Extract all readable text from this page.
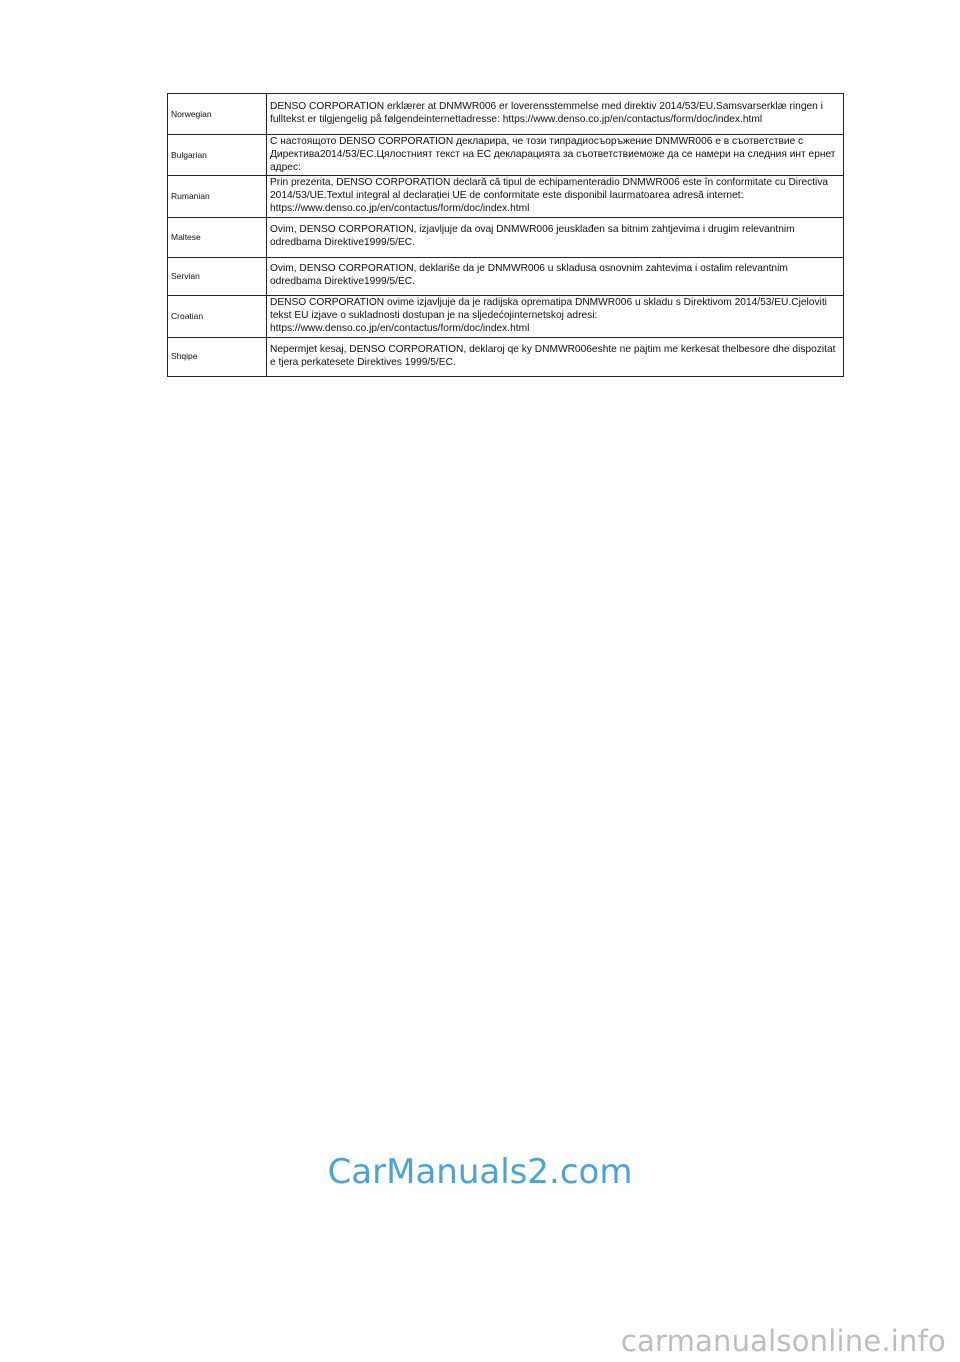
Norwegian	DENSO CORPORATION erklærer at DNMWR006 er loverensstemmelse med direktiv 2014/53/EU.Samsvarserklæ ringen i fulltekst er tilgjengelig på følgendeinternettadresse: https://www.denso.co.jp/en/contactus/form/doc/index.html
Bulgarian	С настоящото DENSO CORPORATION декларира, че този типрадиосъоръжение DNMWR006 е в съответствие с Директива2014/53/ЕС.Цялостният текст на ЕС декларацията за съответствиеможе да се намери на следния инт ернет адрес:
Rumanian	Prin prezenta, DENSO CORPORATION declară că tipul de echipamenteradio DNMWR006 este în conformitate cu Directiva 2014/53/UE.Textul integral al declarației UE de conformitate este disponibil laurmatoarea adresă internet: https://www.denso.co.jp/en/contactus/form/doc/index.html
Maltese	Ovim, DENSO CORPORATION, izjavljuje da ovaj DNMWR006 jeusklađen sa bitnim zahtjevima i drugim relevantnim odredbama Direktive1999/5/EC.
Servian	Ovim, DENSO CORPORATION, deklariše da je DNMWR006 u skladusa osnovnim zahtevima i ostalim relevantnim odredbama Direktive1999/5/EC.
Croatian	DENSO CORPORATION ovime izjavljuje da je radijska oprematipa DNMWR006 u skladu s Direktivom 2014/53/EU.Cjeloviti tekst EU izjave o sukladnosti dostupan je na sljedećojinternetskoj adresi: https://www.denso.co.jp/en/contactus/form/doc/index.html
Shqipe	Nepermjet kesaj, DENSO CORPORATION, deklaroj qe ky DNMWR006eshte ne pajtim me kerkesat thelbesore dhe dispozitat e tjera perkatesete Direktives 1999/5/EC.
CarManuals2.com
carmanualsonline.info
